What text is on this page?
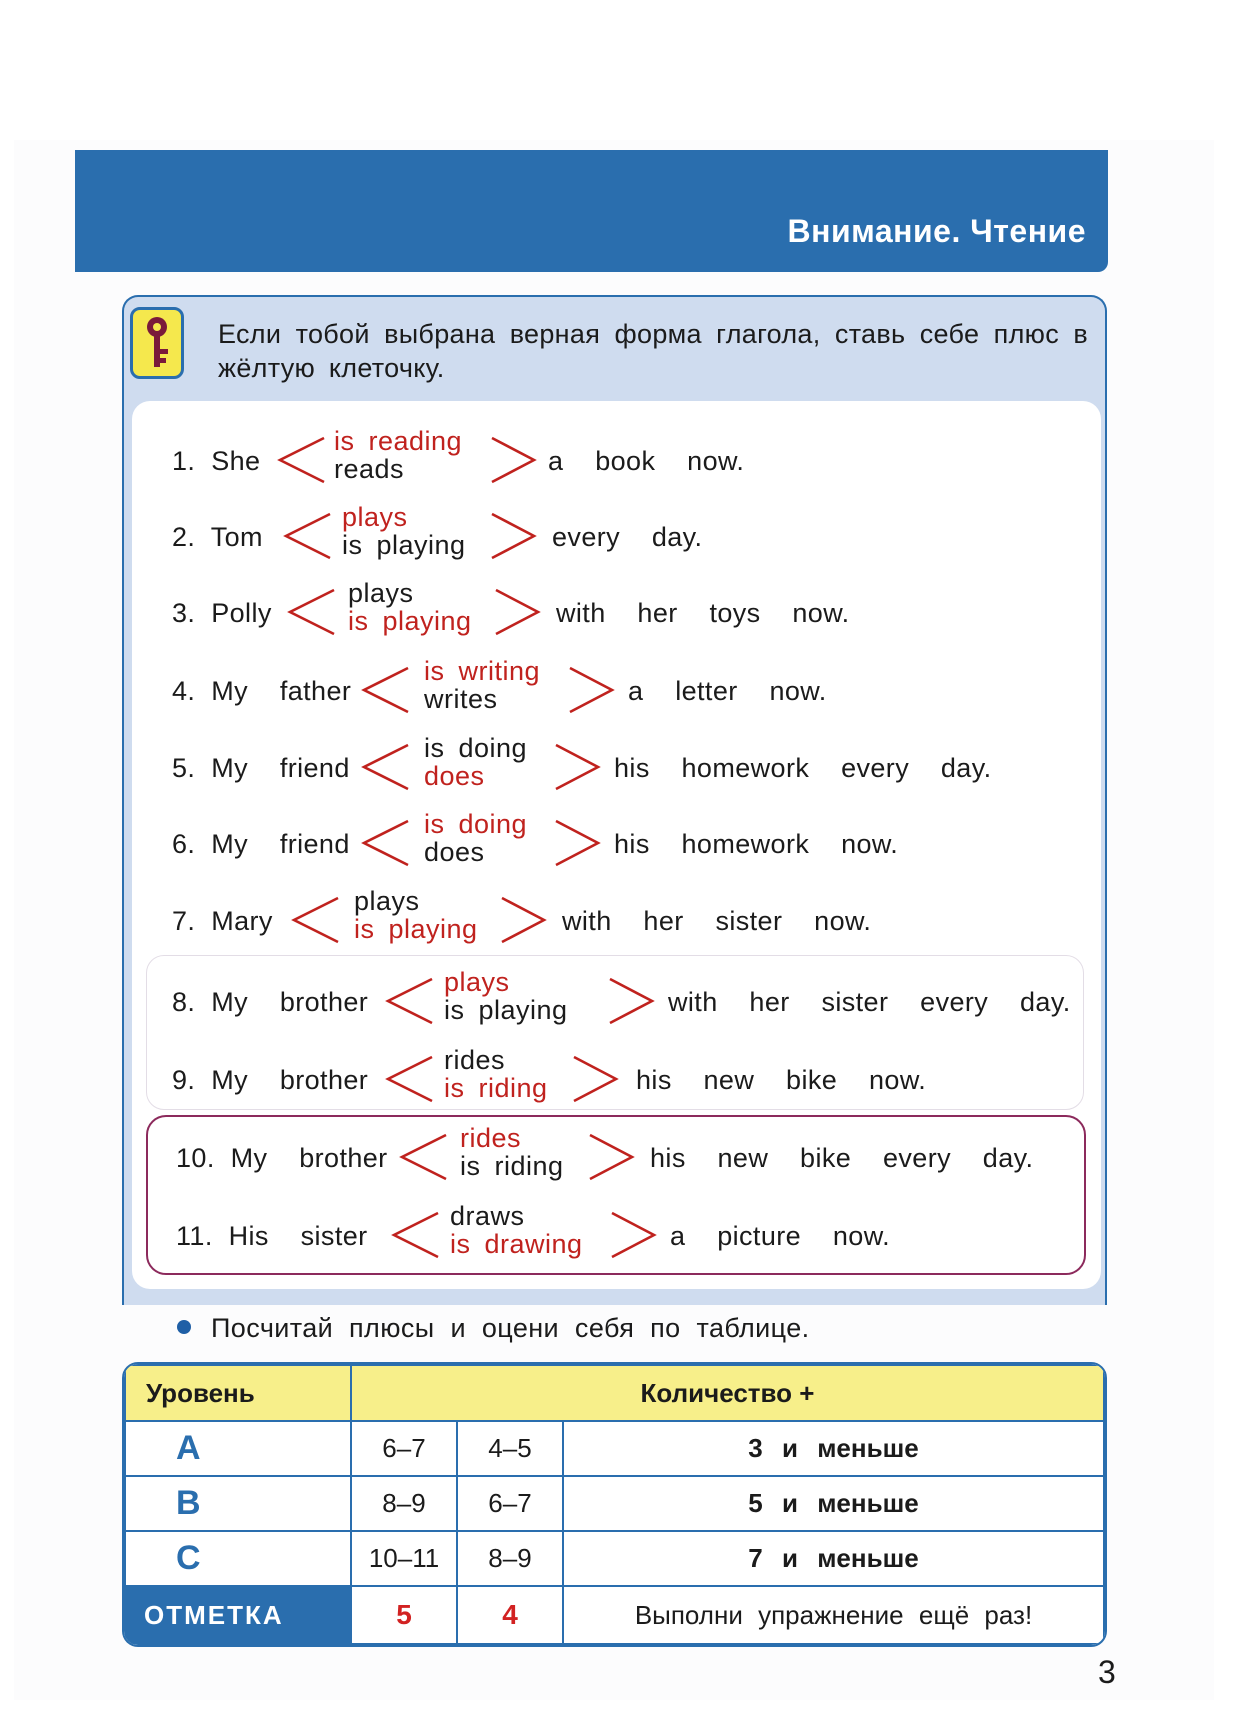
Внимание. Чтение
Если тобой выбрана верная форма глагола, ставь себе плюс в жёлтую клеточку.
1. She
is reading
reads	a  book  now.
2. Tom
plays
is playing	every  day.
3. Polly
plays
is playing	with  her  toys  now.
4. My  father
is writing
writes	a  letter  now.
5. My  friend
is doing
does	his  homework  every  day.
6. My  friend
is doing
does	his  homework  now.
7. Mary
plays
is playing	with  her  sister  now.
8. My  brother
plays
is playing	with  her  sister  every  day.
9. My  brother
rides
is riding	his  new  bike  now.
10. My  brother
rides
is riding	his  new  bike  every  day.
11. His  sister
draws
is drawing	a  picture  now.
Посчитай плюсы и оцени себя по таблице.
Уровень	Количество +		
A	6–7	4–5	3 и меньше
B	8–9	6–7	5 и меньше
C	10–11	8–9	7 и меньше
ОТМЕТКА	5	4	Выполни упражнение ещё раз!
3
